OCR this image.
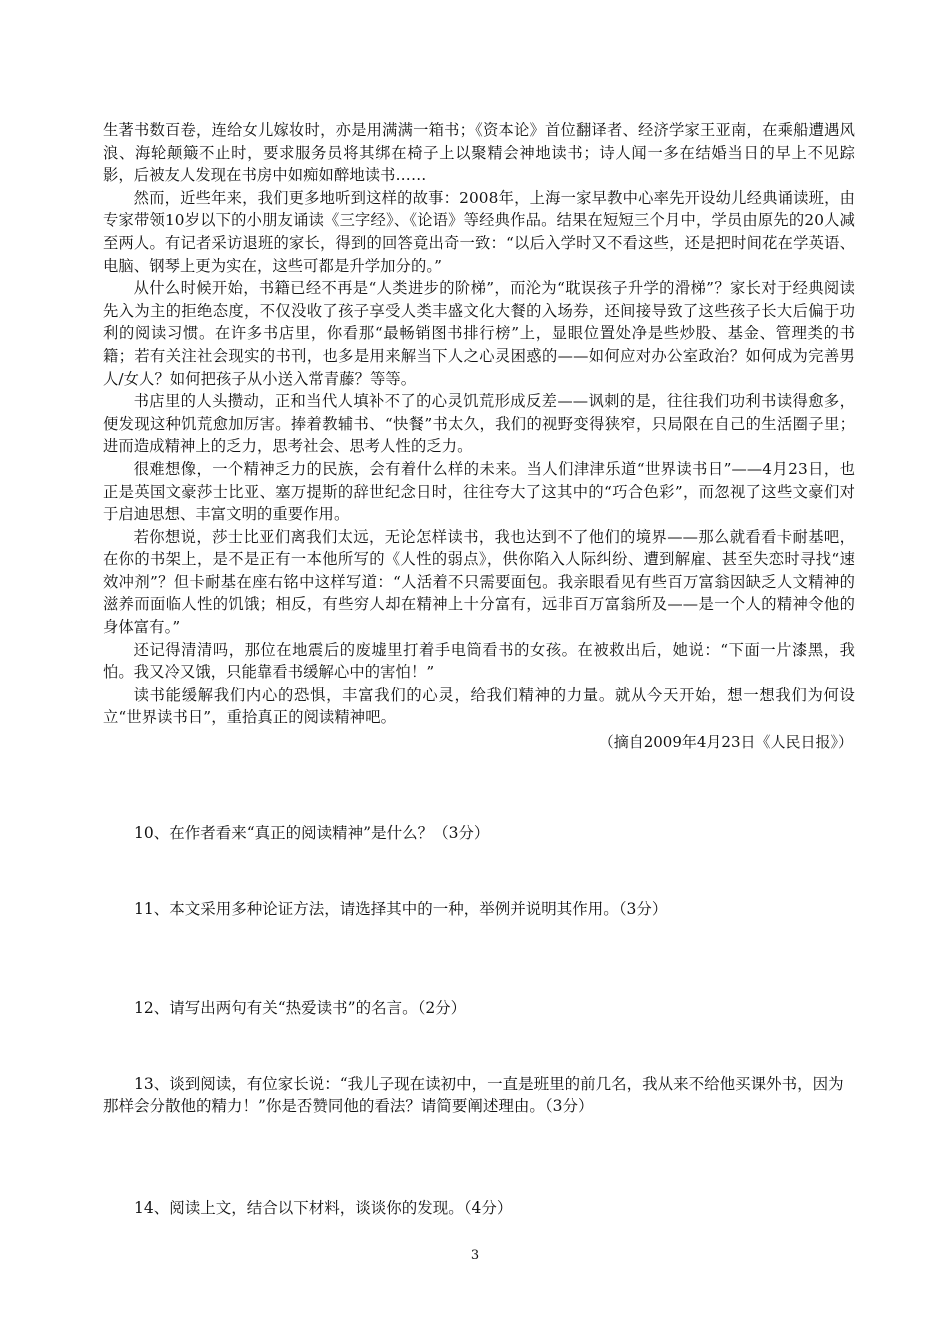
生著书数百卷，连给女儿嫁妆时，亦是用满满一箱书；《资本论》首位翻译者、经济学家王亚南，在乘船遭遇风浪、海轮颠簸不止时，要求服务员将其绑在椅子上以聚精会神地读书；诗人闻一多在结婚当日的早上不见踪影，后被友人发现在书房中如痴如醉地读书……

然而，近些年来，我们更多地听到这样的故事：2008年，上海一家早教中心率先开设幼儿经典诵读班，由专家带领10岁以下的小朋友诵读《三字经》、《论语》等经典作品。结果在短短三个月中，学员由原先的20人减至两人。有记者采访退班的家长，得到的回答竟出奇一致：“以后入学时又不看这些，还是把时间花在学英语、电脑、钢琴上更为实在，这些可都是升学加分的。”

从什么时候开始，书籍已经不再是“人类进步的阶梯”，而沦为“耽误孩子升学的滑梯”？家长对于经典阅读先入为主的拒绝态度，不仅没收了孩子享受人类丰盛文化大餐的入场券，还间接导致了这些孩子长大后偏于功利的阅读习惯。在许多书店里，你看那“最畅销图书排行榜”上，显眼位置处净是些炒股、基金、管理类的书籍；若有关注社会现实的书刊，也多是用来解当下人之心灵困惑的——如何应对办公室政治？如何成为完善男人/女人？如何把孩子从小送入常青藤？等等。

书店里的人头攒动，正和当代人填补不了的心灵饥荒形成反差——讽刺的是，往往我们功利书读得愈多，便发现这种饥荒愈加厉害。捧着教辅书、“快餐”书太久，我们的视野变得狭窄，只局限在自己的生活圈子里；进而造成精神上的乏力，思考社会、思考人性的乏力。

很难想像，一个精神乏力的民族，会有着什么样的未来。当人们津津乐道“世界读书日”——4月23日，也正是英国文豪莎士比亚、塞万提斯的辞世纪念日时，往往夸大了这其中的“巧合色彩”，而忽视了这些文豪们对于启迪思想、丰富文明的重要作用。

若你想说，莎士比亚们离我们太远，无论怎样读书，我也达到不了他们的境界——那么就看看卡耐基吧，在你的书架上，是不是正有一本他所写的《人性的弱点》，供你陷入人际纠纷、遭到解雇、甚至失恋时寻找“速效冲剂”？但卡耐基在座右铭中这样写道：“人活着不只需要面包。我亲眼看见有些百万富翁因缺乏人文精神的滋养而面临人性的饥饿；相反，有些穷人却在精神上十分富有，远非百万富翁所及——是一个人的精神令他的身体富有。”

还记得清清吗，那位在地震后的废墟里打着手电筒看书的女孩。在被救出后，她说：“下面一片漆黑，我怕。我又冷又饿，只能靠看书缓解心中的害怕！”

读书能缓解我们内心的恐惧，丰富我们的心灵，给我们精神的力量。就从今天开始，想一想我们为何设立“世界读书日”，重拾真正的阅读精神吧。

（摘自2009年4月23日《人民日报》）

10、在作者看来“真正的阅读精神”是什么？（3分）

11、本文采用多种论证方法，请选择其中的一种，举例并说明其作用。（3分）

12、请写出两句有关“热爱读书”的名言。（2分）

13、谈到阅读，有位家长说：“我儿子现在读初中，一直是班里的前几名，我从来不给他买课外书，因为那样会分散他的精力！”你是否赞同他的看法？请简要阐述理由。（3分）

14、阅读上文，结合以下材料，谈谈你的发现。（4分）

3
